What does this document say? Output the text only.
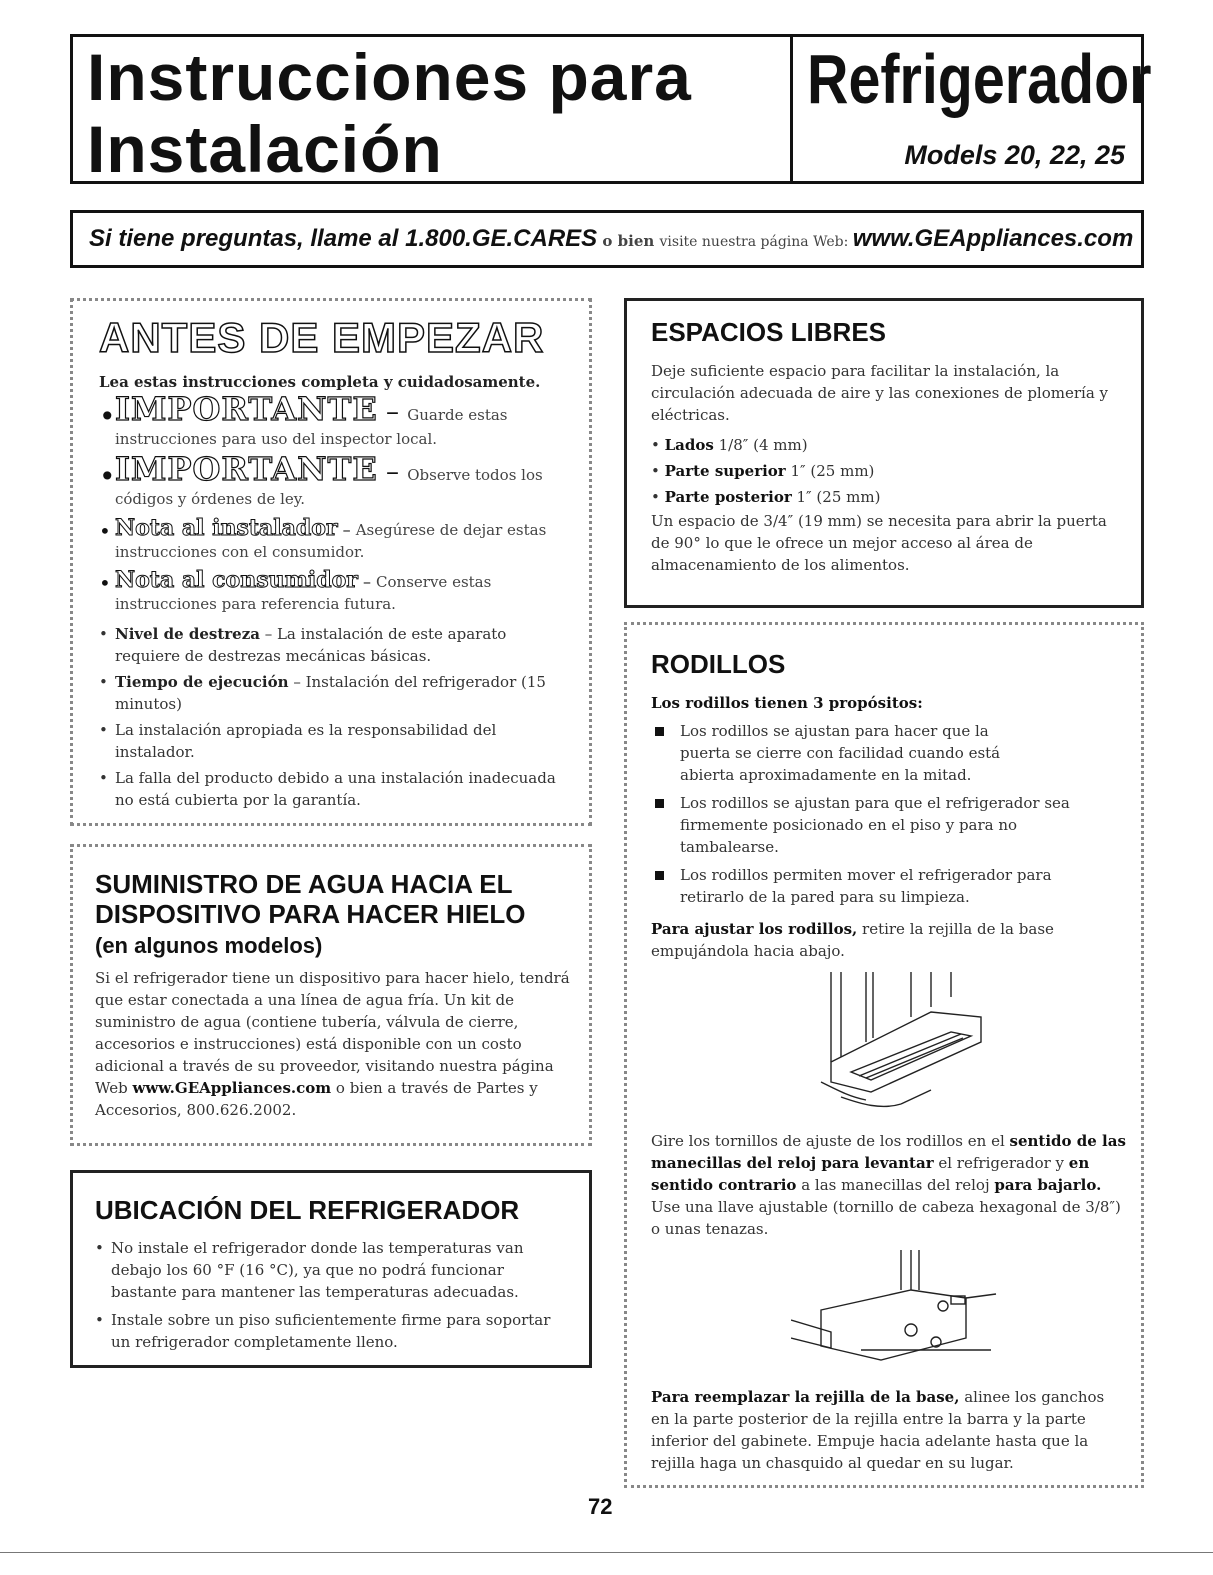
Instrucciones para
Instalación
Refrigerador
Models 20, 22, 25
Si tiene preguntas, llame al 1.800.GE.CARES o bien visite nuestra página Web: www.GEAppliances.com
ANTES DE EMPEZAR
Lea estas instrucciones completa y cuidadosamente.
• IMPORTANTE – Guarde estas instrucciones para uso del inspector local.
• IMPORTANTE – Observe todos los códigos y órdenes de ley.
• Nota al instalador – Asegúrese de dejar estas instrucciones con el consumidor.
• Nota al consumidor – Conserve estas instrucciones para referencia futura.
• Nivel de destreza – La instalación de este aparato requiere de destrezas mecánicas básicas.
• Tiempo de ejecución – Instalación del refrigerador (15 minutos)
• La instalación apropiada es la responsabilidad del instalador.
• La falla del producto debido a una instalación inadecuada no está cubierta por la garantía.
SUMINISTRO DE AGUA HACIA EL DISPOSITIVO PARA HACER HIELO
(en algunos modelos)
Si el refrigerador tiene un dispositivo para hacer hielo, tendrá que estar conectada a una línea de agua fría. Un kit de suministro de agua (contiene tubería, válvula de cierre, accesorios e instrucciones) está disponible con un costo adicional a través de su proveedor, visitando nuestra página Web www.GEAppliances.com o bien a través de Partes y Accesorios, 800.626.2002.
UBICACIÓN DEL REFRIGERADOR
• No instale el refrigerador donde las temperaturas van debajo los 60 °F (16 °C), ya que no podrá funcionar bastante para mantener las temperaturas adecuadas.
• Instale sobre un piso suficientemente firme para soportar un refrigerador completamente lleno.
ESPACIOS LIBRES
Deje suficiente espacio para facilitar la instalación, la circulación adecuada de aire y las conexiones de plomería y eléctricas.
• Lados 1/8″ (4 mm)
• Parte superior 1″ (25 mm)
• Parte posterior 1″ (25 mm)
Un espacio de 3/4″ (19 mm) se necesita para abrir la puerta de 90° lo que le ofrece un mejor acceso al área de almacenamiento de los alimentos.
RODILLOS
Los rodillos tienen 3 propósitos:
Los rodillos se ajustan para hacer que la puerta se cierre con facilidad cuando está abierta aproximadamente en la mitad.
Los rodillos se ajustan para que el refrigerador sea firmemente posicionado en el piso y para no tambalearse.
Los rodillos permiten mover el refrigerador para retirarlo de la pared para su limpieza.
Para ajustar los rodillos, retire la rejilla de la base empujándola hacia abajo.
Gire los tornillos de ajuste de los rodillos en el sentido de las manecillas del reloj para levantar el refrigerador y en sentido contrario a las manecillas del reloj para bajarlo. Use una llave ajustable (tornillo de cabeza hexagonal de 3/8″) o unas tenazas.
Para reemplazar la rejilla de la base, alinee los ganchos en la parte posterior de la rejilla entre la barra y la parte inferior del gabinete. Empuje hacia adelante hasta que la rejilla haga un chasquido al quedar en su lugar.
72
